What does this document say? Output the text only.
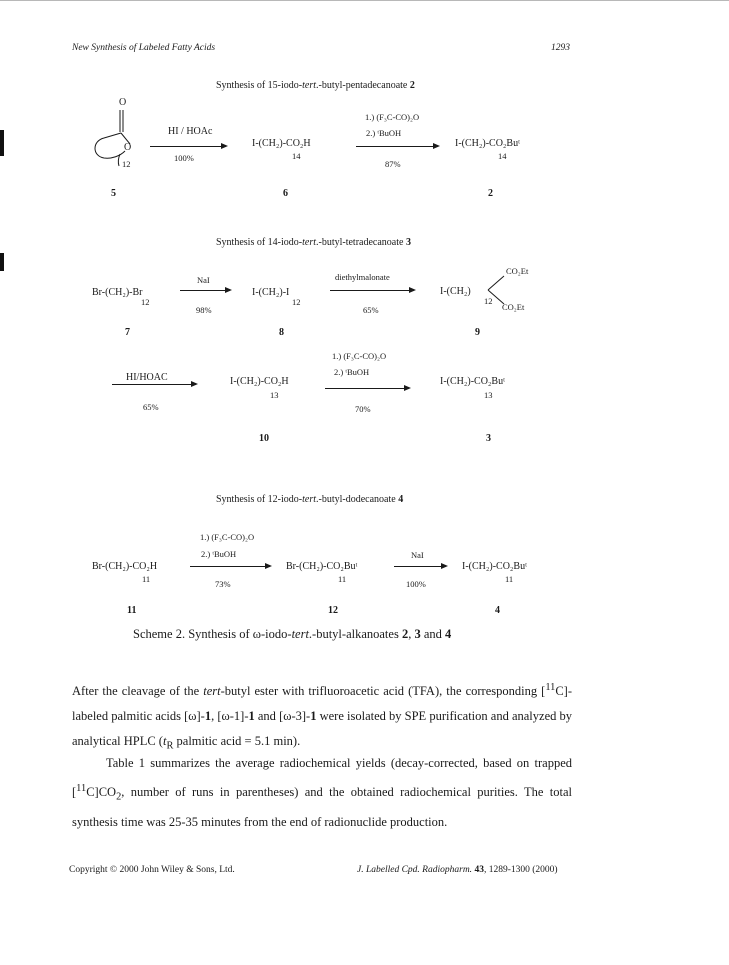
New Synthesis of Labeled Fatty Acids	1293
Synthesis of 15-iodo-tert.-butyl-pentadecanoate 2
O
O
12
HI / HOAc
100%
I-(CH₂)-CO₂H
14
1.) (F₃C-CO)₂O
2.) ᵗBuOH
87%
I-(CH₂)-CO₂Buᵗ
14
5	6	2
Synthesis of 14-iodo-tert.-butyl-tetradecanoate 3
Br-(CH₂)-Br
12
NaI
98%
I-(CH₂)-I
12
diethylmalonate
65%
I-(CH₂)
12
CO₂Et
CO₂Et
7	8	9
1.) (F₃C-CO)₂O
2.) ᵗBuOH
HI/HOAC
65%
I-(CH₂)-CO₂H
13
70%
I-(CH₂)-CO₂Buᵗ
13
10	3
Synthesis of 12-iodo-tert.-butyl-dodecanoate 4
1.) (F₃C-CO)₂O
2.) ᵗBuOH
73%
Br-(CH₂)-CO₂H
11
Br-(CH₂)-CO₂Buᵗ
11
NaI
100%
I-(CH₂)-CO₂Buᵗ
11
11	12	4
Scheme 2. Synthesis of ω-iodo-tert.-butyl-alkanoates 2, 3 and 4
After the cleavage of the tert-butyl ester with trifluoroacetic acid (TFA), the corresponding [$^{11}$C]-labeled palmitic acids [ω]-1, [ω-1]-1 and [ω-3]-1 were isolated by SPE purification and analyzed by analytical HPLC ($t_R$ palmitic acid = 5.1 min).
Table 1 summarizes the average radiochemical yields (decay-corrected, based on trapped $[^{11}C]CO_2$, number of runs in parentheses) and the obtained radiochemical purities. The total synthesis time was 25-35 minutes from the end of radionuclide production.
Copyright © 2000 John Wiley & Sons, Ltd.	J. Labelled Cpd. Radiopharm. 43, 1289-1300 (2000)
